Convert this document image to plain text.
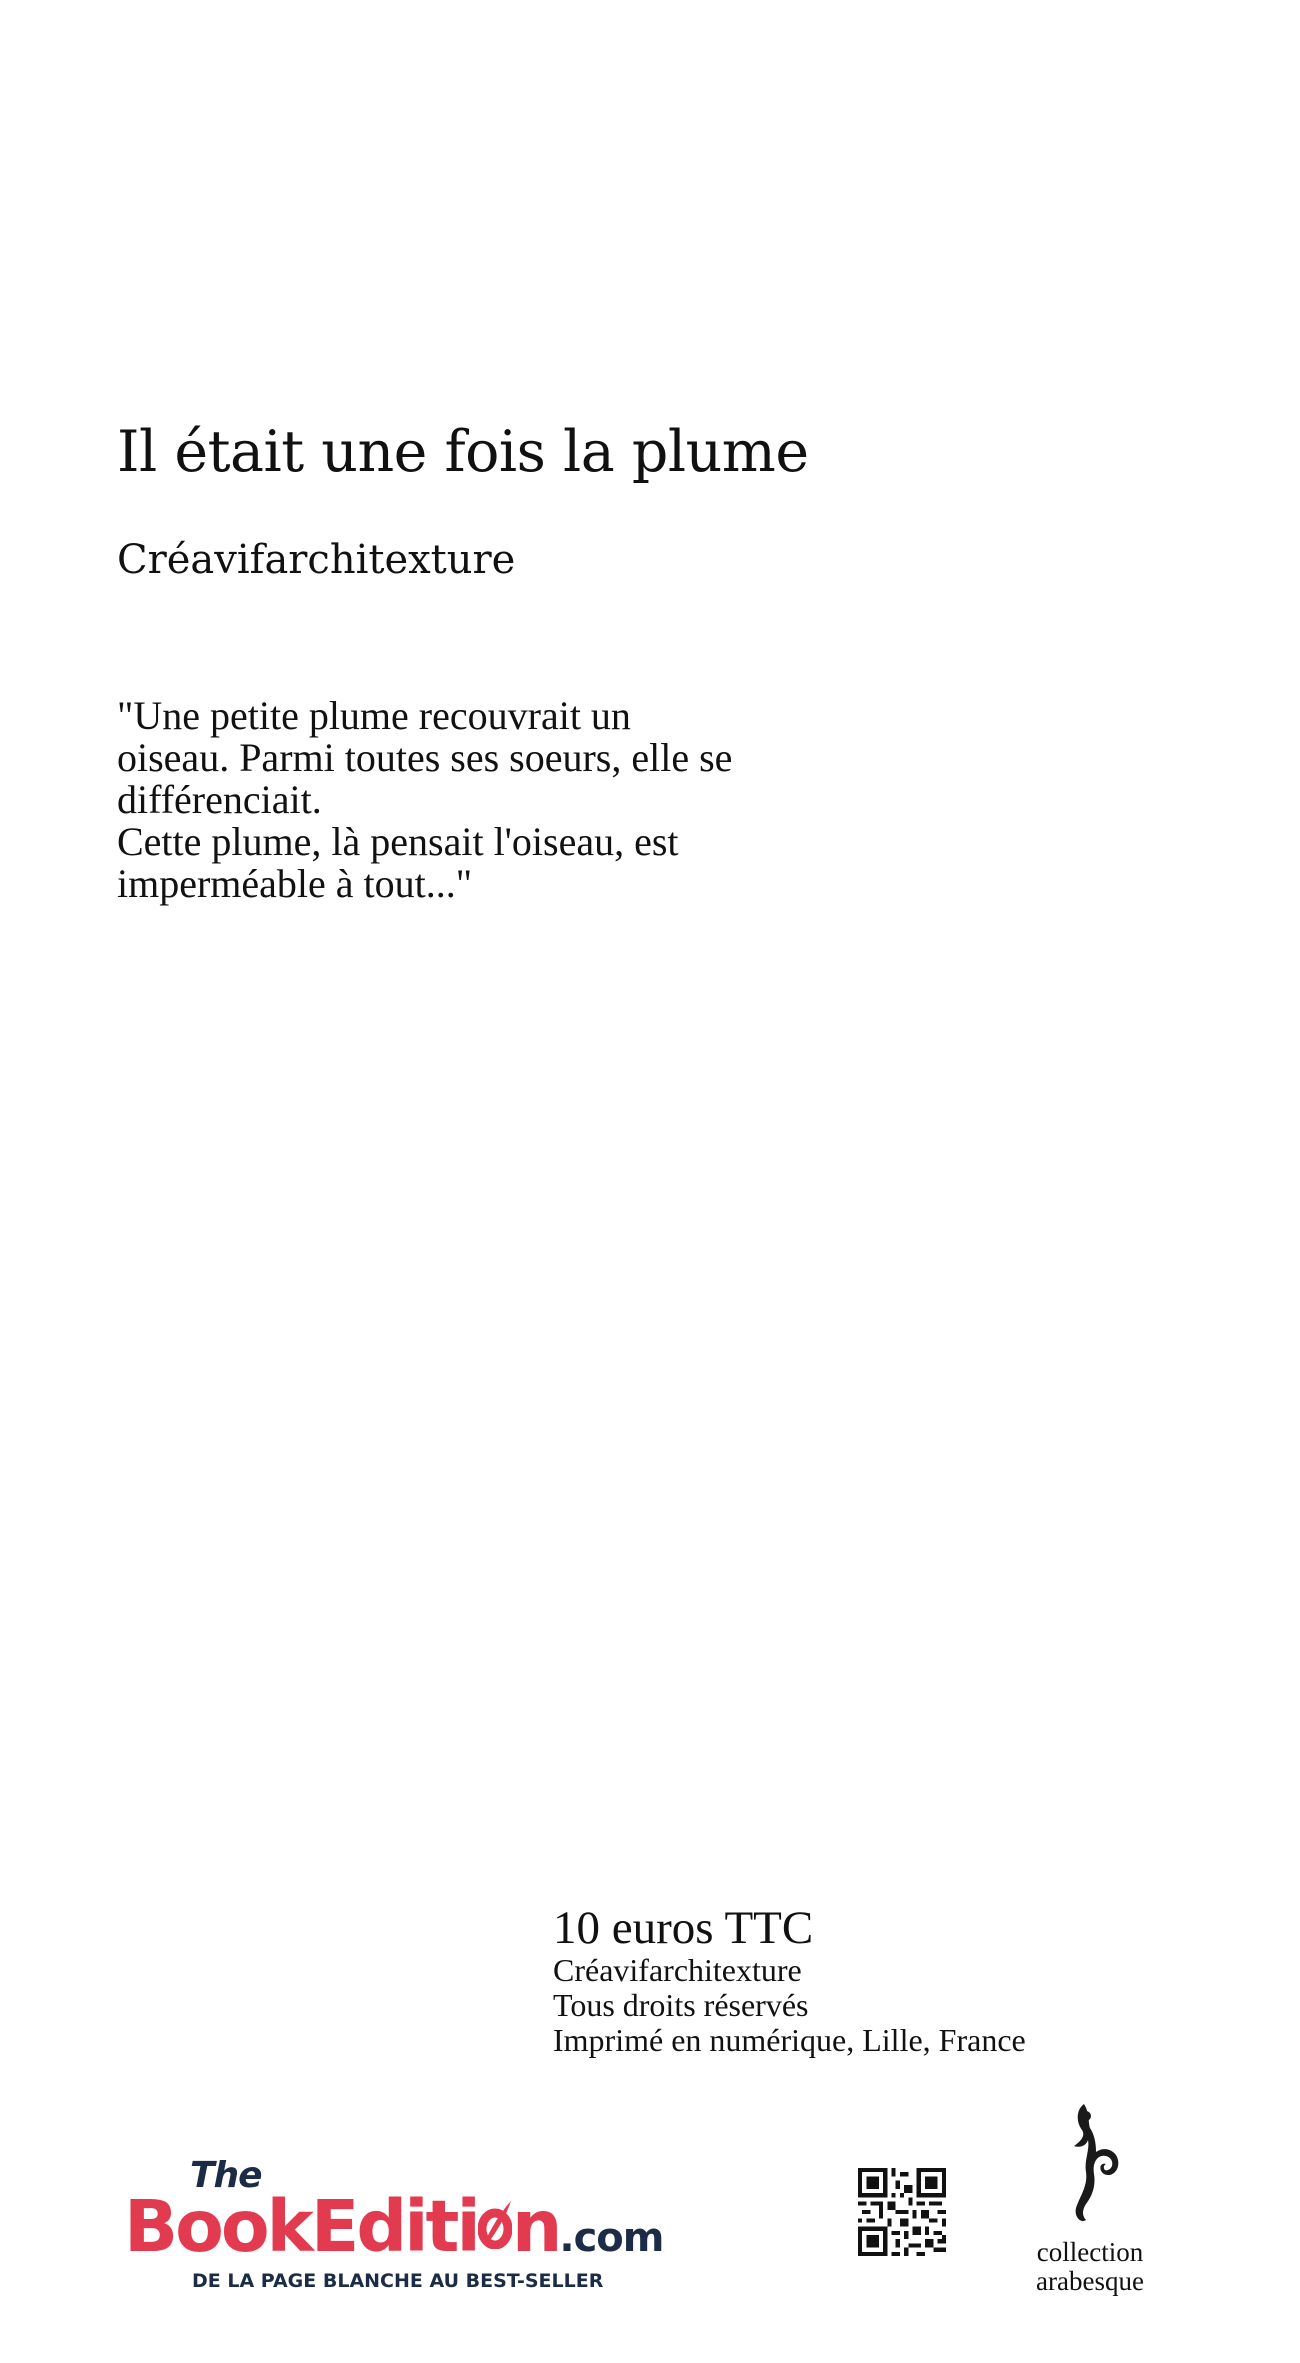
Il était une fois la plume
Créavifarchitexture
"Une petite plume recouvrait un
oiseau. Parmi toutes ses soeurs, elle se
différenciait.
Cette plume, là pensait l'oiseau, est
imperméable à tout..."
10 euros TTC
Créavifarchitexture
Tous droits réservés
Imprimé en numérique, Lille, France
The
BookEditi n.com
DE LA PAGE BLANCHE AU BEST-SELLER
collection
arabesque
